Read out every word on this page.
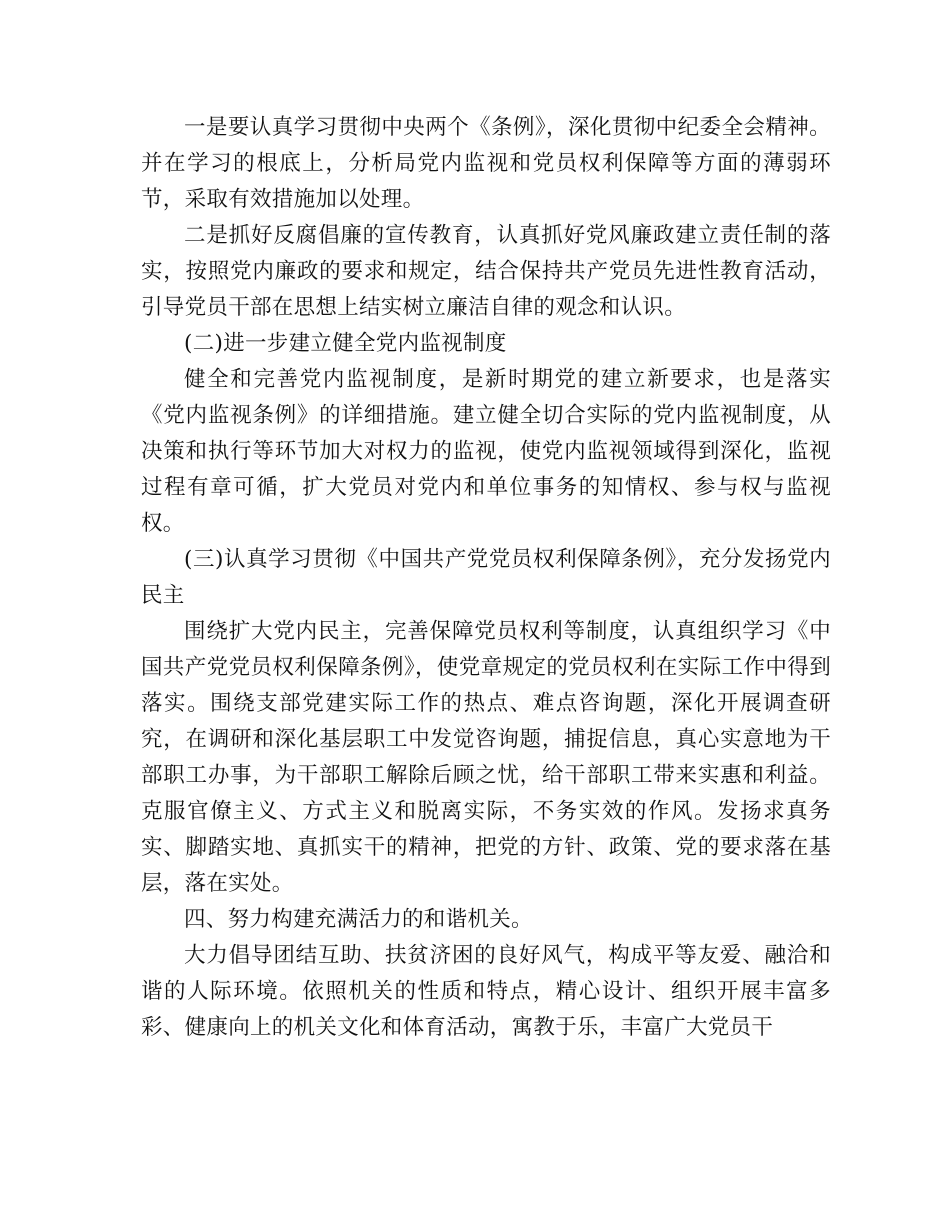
一是要认真学习贯彻中央两个《条例》，深化贯彻中纪委全会精神。并在学习的根底上，分析局党内监视和党员权利保障等方面的薄弱环节，采取有效措施加以处理。

二是抓好反腐倡廉的宣传教育，认真抓好党风廉政建立责任制的落实，按照党内廉政的要求和规定，结合保持共产党员先进性教育活动，引导党员干部在思想上结实树立廉洁自律的观念和认识。

(二)进一步建立健全党内监视制度

健全和完善党内监视制度，是新时期党的建立新要求，也是落实《党内监视条例》的详细措施。建立健全切合实际的党内监视制度，从决策和执行等环节加大对权力的监视，使党内监视领域得到深化，监视过程有章可循，扩大党员对党内和单位事务的知情权、参与权与监视权。

(三)认真学习贯彻《中国共产党党员权利保障条例》，充分发扬党内民主

围绕扩大党内民主，完善保障党员权利等制度，认真组织学习《中国共产党党员权利保障条例》，使党章规定的党员权利在实际工作中得到落实。围绕支部党建实际工作的热点、难点咨询题，深化开展调查研究，在调研和深化基层职工中发觉咨询题，捕捉信息，真心实意地为干部职工办事，为干部职工解除后顾之忧，给干部职工带来实惠和利益。克服官僚主义、方式主义和脱离实际，不务实效的作风。发扬求真务实、脚踏实地、真抓实干的精神，把党的方针、政策、党的要求落在基层，落在实处。

四、努力构建充满活力的和谐机关。

大力倡导团结互助、扶贫济困的良好风气，构成平等友爱、融洽和谐的人际环境。依照机关的性质和特点，精心设计、组织开展丰富多彩、健康向上的机关文化和体育活动，寓教于乐，丰富广大党员干
